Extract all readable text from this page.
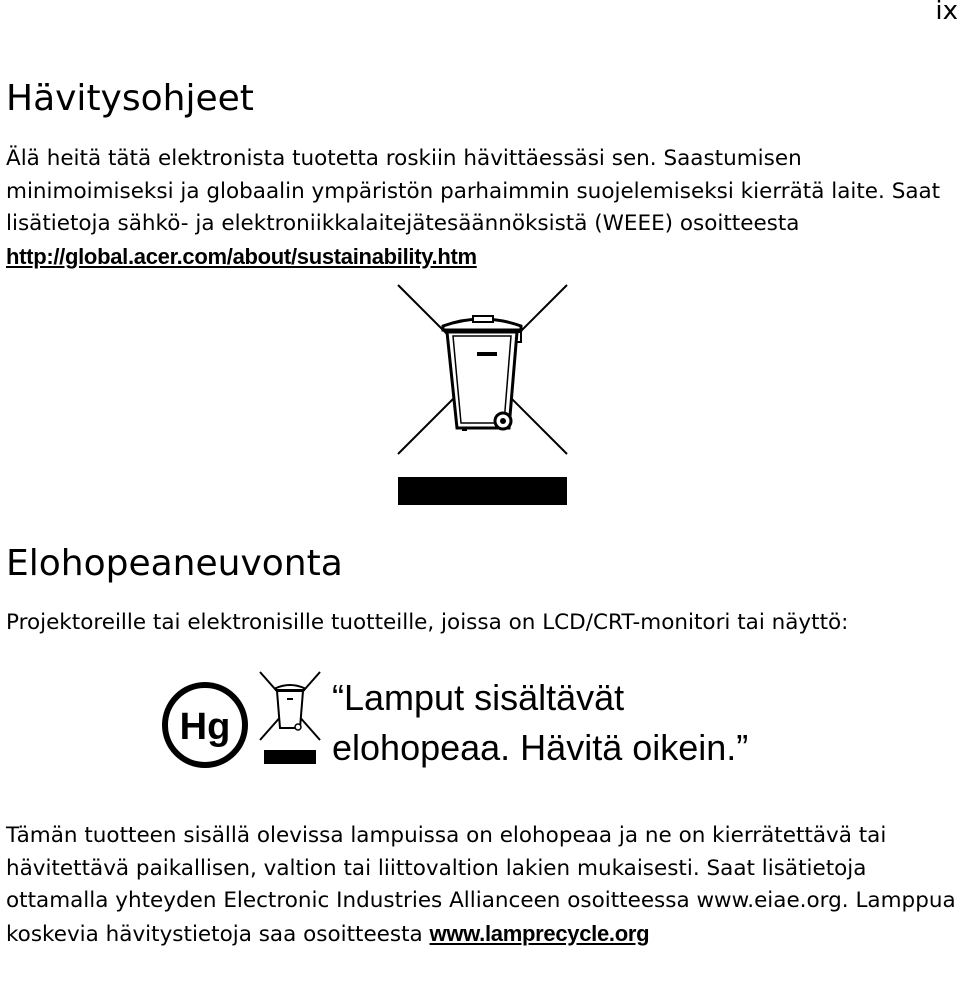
ix
Hävitysohjeet

Älä heitä tätä elektronista tuotetta roskiin hävittäessäsi sen. Saastumisen minimoimiseksi ja globaalin ympäristön parhaimmin suojelemiseksi kierrätä laite. Saat lisätietoja sähkö- ja elektroniikkalaitejätesäännöksistä (WEEE) osoitteesta http://global.acer.com/about/sustainability.htm

Elohopeaneuvonta

Projektoreille tai elektronisille tuotteille, joissa on LCD/CRT-monitori tai näyttö:

Hg
“Lamput sisältävät
elohopeaa. Hävitä oikein.”

Tämän tuotteen sisällä olevissa lampuissa on elohopeaa ja ne on kierrätettävä tai hävitettävä paikallisen, valtion tai liittovaltion lakien mukaisesti. Saat lisätietoja ottamalla yhteyden Electronic Industries Allianceen osoitteessa www.eiae.org. Lamppua koskevia hävitystietoja saa osoitteesta www.lamprecycle.org
